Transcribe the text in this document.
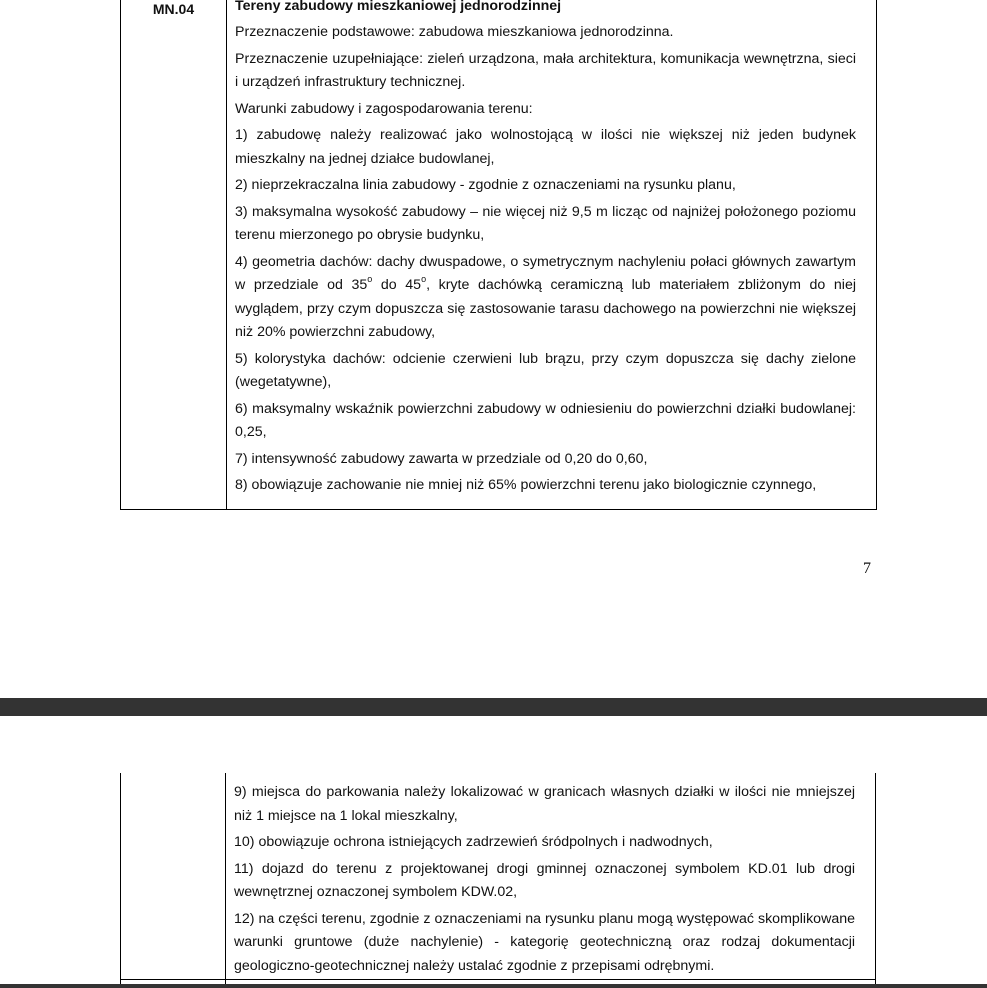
MN.04	Tereny zabudowy mieszkaniowej jednorodzinnej

Przeznaczenie podstawowe: zabudowa mieszkaniowa jednorodzinna.

Przeznaczenie uzupełniające: zieleń urządzona, mała architektura, komunikacja wewnętrzna, sieci i urządzeń infrastruktury technicznej.

Warunki zabudowy i zagospodarowania terenu:

1) zabudowę należy realizować jako wolnostojącą w ilości nie większej niż jeden budynek mieszkalny na jednej działce budowlanej,

2) nieprzekraczalna linia zabudowy - zgodnie z oznaczeniami na rysunku planu,

3) maksymalna wysokość zabudowy – nie więcej niż 9,5 m licząc od najniżej położonego poziomu terenu mierzonego po obrysie budynku,

4) geometria dachów: dachy dwuspadowe, o symetrycznym nachyleniu połaci głównych zawartym w przedziale od 35$^o$ do 45$^o$, kryte dachówką ceramiczną lub materiałem zbliżonym do niej wyglądem, przy czym dopuszcza się zastosowanie tarasu dachowego na powierzchni nie większej niż 20% powierzchni zabudowy,

5) kolorystyka dachów: odcienie czerwieni lub brązu, przy czym dopuszcza się dachy zielone (wegetatywne),

6) maksymalny wskaźnik powierzchni zabudowy w odniesieniu do powierzchni działki budowlanej: 0,25,

7) intensywność zabudowy zawarta w przedziale od 0,20 do 0,60,

8) obowiązuje zachowanie nie mniej niż 65% powierzchni terenu jako biologicznie czynnego,

7

9) miejsca do parkowania należy lokalizować w granicach własnych działki w ilości nie mniejszej niż 1 miejsce na 1 lokal mieszkalny,

10) obowiązuje ochrona istniejących zadrzewień śródpolnych i nadwodnych,

11) dojazd do terenu z projektowanej drogi gminnej oznaczonej symbolem KD.01 lub drogi wewnętrznej oznaczonej symbolem KDW.02,

12) na części terenu, zgodnie z oznaczeniami na rysunku planu mogą występować skomplikowane warunki gruntowe (duże nachylenie) - kategorię geotechniczną oraz rodzaj dokumentacji geologiczno-geotechnicznej należy ustalać zgodnie z przepisami odrębnymi.
